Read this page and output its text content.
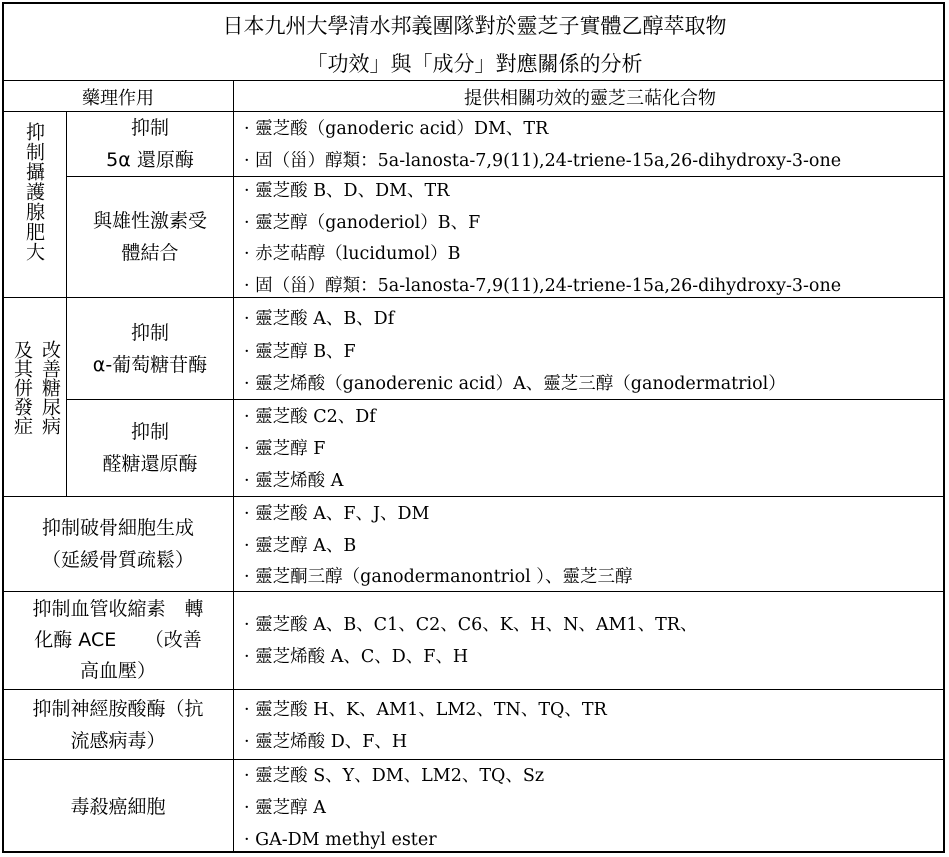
日本九州大學清水邦義團隊對於靈芝子實體乙醇萃取物
「功效」與「成分」對應關係的分析
藥理作用	提供相關功效的靈芝三萜化合物
抑制攝護腺肥大	抑制
5α 還原酶
· 靈芝酸（ganoderic acid）DM、TR
· 固（甾）醇類：5a-lanosta-7,9(11),24-triene-15a,26-dihydroxy-3-one
與雄性激素受
體結合
· 靈芝酸 B、D、DM、TR
· 靈芝醇（ganoderiol）B、F
· 赤芝萜醇（lucidumol）B
· 固（甾）醇類：5a-lanosta-7,9(11),24-triene-15a,26-dihydroxy-3-one
改善糖尿病
及其併發症
抑制
α-葡萄糖苷酶
· 靈芝酸 A、B、Df
· 靈芝醇 B、F
· 靈芝烯酸（ganoderenic acid）A、靈芝三醇（ganodermatriol）
抑制
醛糖還原酶
· 靈芝酸 C2、Df
· 靈芝醇 F
· 靈芝烯酸 A
抑制破骨細胞生成
（延緩骨質疏鬆）
· 靈芝酸 A、F、J、DM
· 靈芝醇 A、B
· 靈芝酮三醇（ganodermanontriol ）、靈芝三醇
抑制血管收縮素　轉
化酶 ACE　　（改善
高血壓）
· 靈芝酸 A、B、C1、C2、C6、K、H、N、AM1、TR、
· 靈芝烯酸 A、C、D、F、H
抑制神經胺酸酶（抗
流感病毒）
· 靈芝酸 H、K、AM1、LM2、TN、TQ、TR
· 靈芝烯酸 D、F、H
毒殺癌細胞
· 靈芝酸 S、Y、DM、LM2、TQ、Sz
· 靈芝醇 A
· GA-DM methyl ester
